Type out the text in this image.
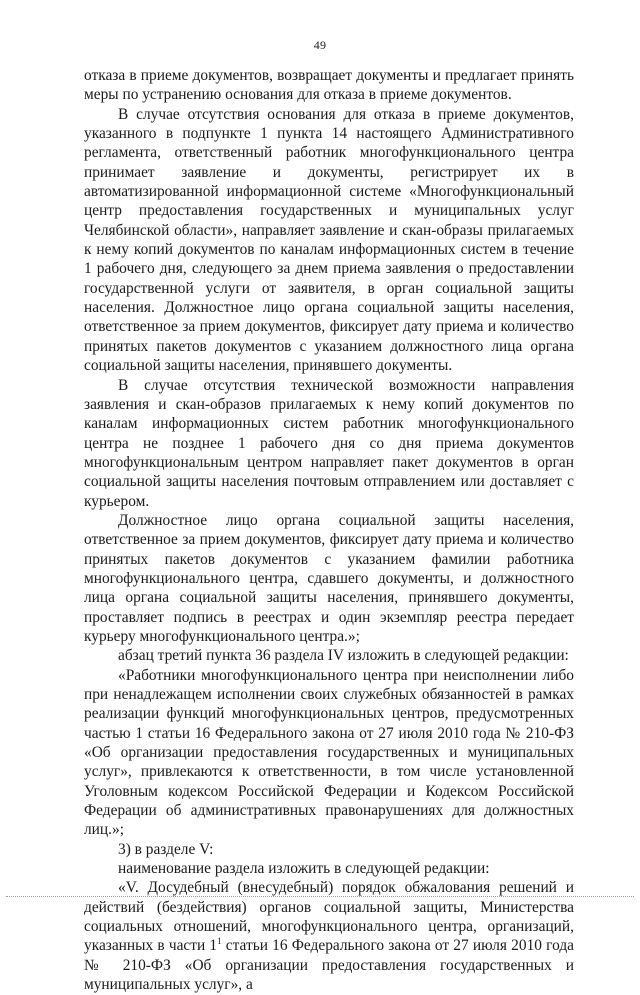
49

отказа в приеме документов, возвращает документы и предлагает принять меры по устранению основания для отказа в приеме документов.

В случае отсутствия основания для отказа в приеме документов, указанного в подпункте 1 пункта 14 настоящего Административного регламента, ответственный работник многофункционального центра принимает заявление и документы, регистрирует их в автоматизированной информационной системе «Многофункциональный центр предоставления государственных и муниципальных услуг Челябинской области», направляет заявление и скан-образы прилагаемых к нему копий документов по каналам информационных систем в течение 1 рабочего дня, следующего за днем приема заявления о предоставлении государственной услуги от заявителя, в орган социальной защиты населения. Должностное лицо органа социальной защиты населения, ответственное за прием документов, фиксирует дату приема и количество принятых пакетов документов с указанием должностного лица органа социальной защиты населения, принявшего документы.

В случае отсутствия технической возможности направления заявления и скан-образов прилагаемых к нему копий документов по каналам информационных систем работник многофункционального центра не позднее 1 рабочего дня со дня приема документов многофункциональным центром направляет пакет документов в орган социальной защиты населения почтовым отправлением или доставляет с курьером.

Должностное лицо органа социальной защиты населения, ответственное за прием документов, фиксирует дату приема и количество принятых пакетов документов с указанием фамилии работника многофункционального центра, сдавшего документы, и должностного лица органа социальной защиты населения, принявшего документы, проставляет подпись в реестрах и один экземпляр реестра передает курьеру многофункционального центра.»;

абзац третий пункта 36 раздела IV изложить в следующей редакции:

«Работники многофункционального центра при неисполнении либо при ненадлежащем исполнении своих служебных обязанностей в рамках реализации функций многофункциональных центров, предусмотренных частью 1 статьи 16 Федерального закона от 27 июля 2010 года № 210-ФЗ «Об организации предоставления государственных и муниципальных услуг», привлекаются к ответственности, в том числе установленной Уголовным кодексом Российской Федерации и Кодексом Российской Федерации об административных правонарушениях для должностных лиц.»;

3) в разделе V:

наименование раздела изложить в следующей редакции:

«V. Досудебный (внесудебный) порядок обжалования решений и действий (бездействия) органов социальной защиты, Министерства социальных отношений, многофункционального центра, организаций, указанных в части $1^1$ статьи 16 Федерального закона от 27 июля 2010 года № 210-ФЗ «Об организации предоставления государственных и муниципальных услуг», а
